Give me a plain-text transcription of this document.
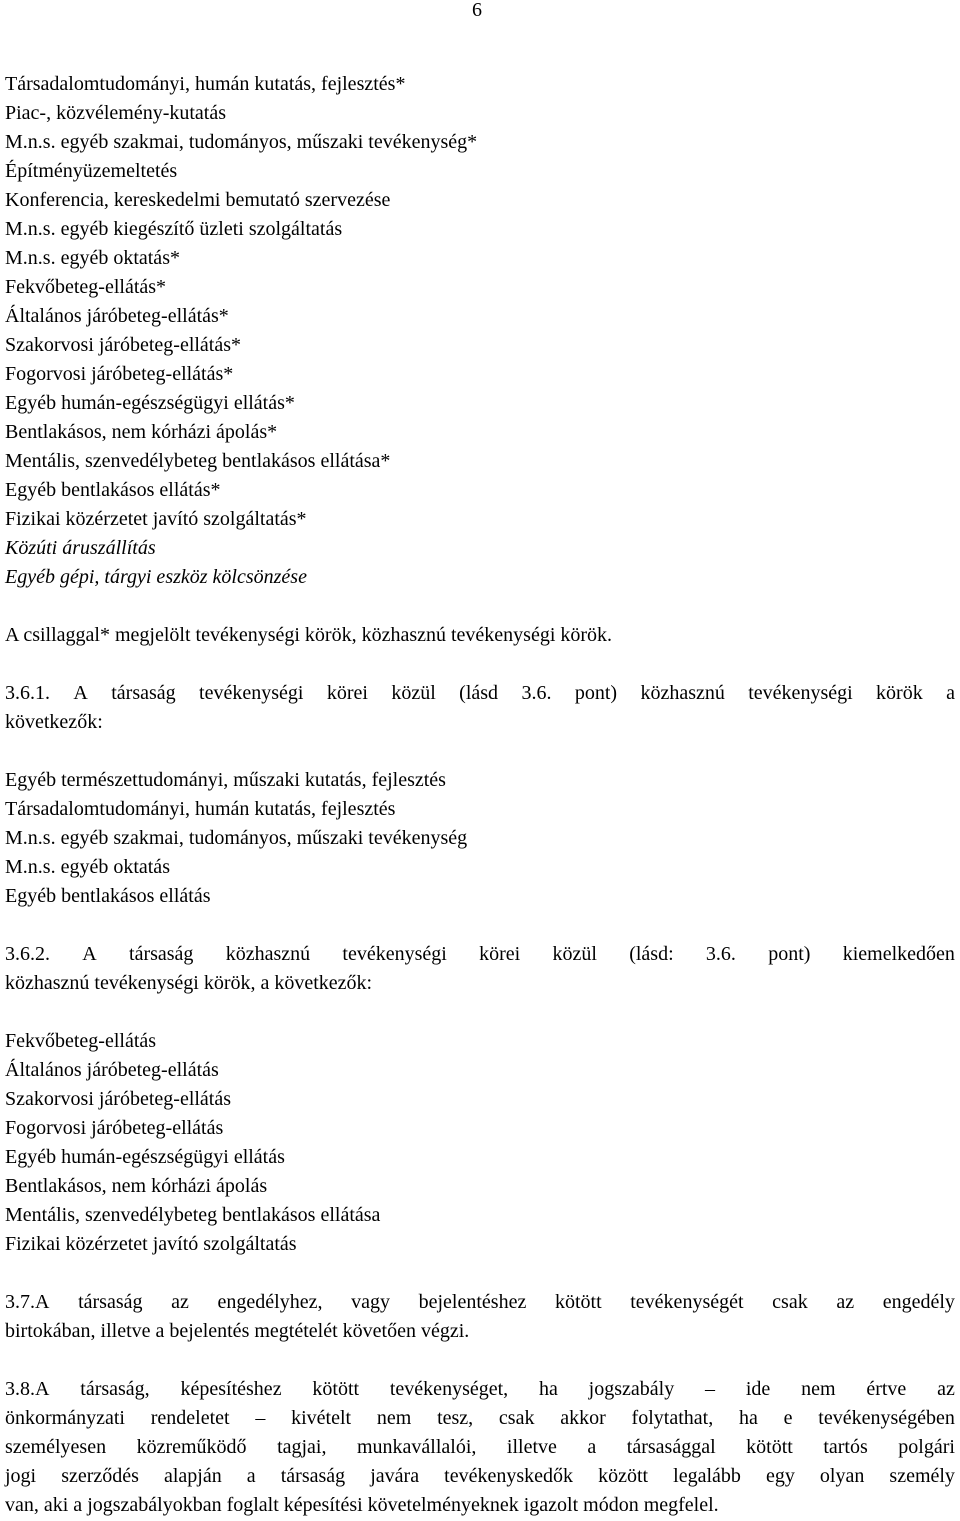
6
Társadalomtudományi, humán kutatás, fejlesztés*
Piac-, közvélemény-kutatás
M.n.s. egyéb szakmai, tudományos, műszaki tevékenység*
Építményüzemeltetés
Konferencia, kereskedelmi bemutató szervezése
M.n.s. egyéb kiegészítő üzleti szolgáltatás
M.n.s. egyéb oktatás*
Fekvőbeteg-ellátás*
Általános járóbeteg-ellátás*
Szakorvosi járóbeteg-ellátás*
Fogorvosi járóbeteg-ellátás*
Egyéb humán-egészségügyi ellátás*
Bentlakásos, nem kórházi ápolás*
Mentális, szenvedélybeteg bentlakásos ellátása*
Egyéb bentlakásos ellátás*
Fizikai közérzetet javító szolgáltatás*
Közúti áruszállítás
Egyéb gépi, tárgyi eszköz kölcsönzése
A csillaggal* megjelölt tevékenységi körök, közhasznú tevékenységi körök.
3.6.1. A társaság tevékenységi körei közül (lásd 3.6. pont) közhasznú tevékenységi körök a
következők:
Egyéb természettudományi, műszaki kutatás, fejlesztés
Társadalomtudományi, humán kutatás, fejlesztés
M.n.s. egyéb szakmai, tudományos, műszaki tevékenység
M.n.s. egyéb oktatás
Egyéb bentlakásos ellátás
3.6.2. A társaság közhasznú tevékenységi körei közül (lásd: 3.6. pont) kiemelkedően
közhasznú tevékenységi körök, a következők:
Fekvőbeteg-ellátás
Általános járóbeteg-ellátás
Szakorvosi járóbeteg-ellátás
Fogorvosi járóbeteg-ellátás
Egyéb humán-egészségügyi ellátás
Bentlakásos, nem kórházi ápolás
Mentális, szenvedélybeteg bentlakásos ellátása
Fizikai közérzetet javító szolgáltatás
3.7.A társaság az engedélyhez, vagy bejelentéshez kötött tevékenységét csak az engedély
birtokában, illetve a bejelentés megtételét követően végzi.
3.8.A társaság, képesítéshez kötött tevékenységet, ha jogszabály – ide nem értve az
önkormányzati rendeletet – kivételt nem tesz, csak akkor folytathat, ha e tevékenységében
személyesen közreműködő tagjai, munkavállalói, illetve a társasággal kötött tartós polgári
jogi szerződés alapján a társaság javára tevékenyskedők között legalább egy olyan személy
van, aki a jogszabályokban foglalt képesítési követelményeknek igazolt módon megfelel.
